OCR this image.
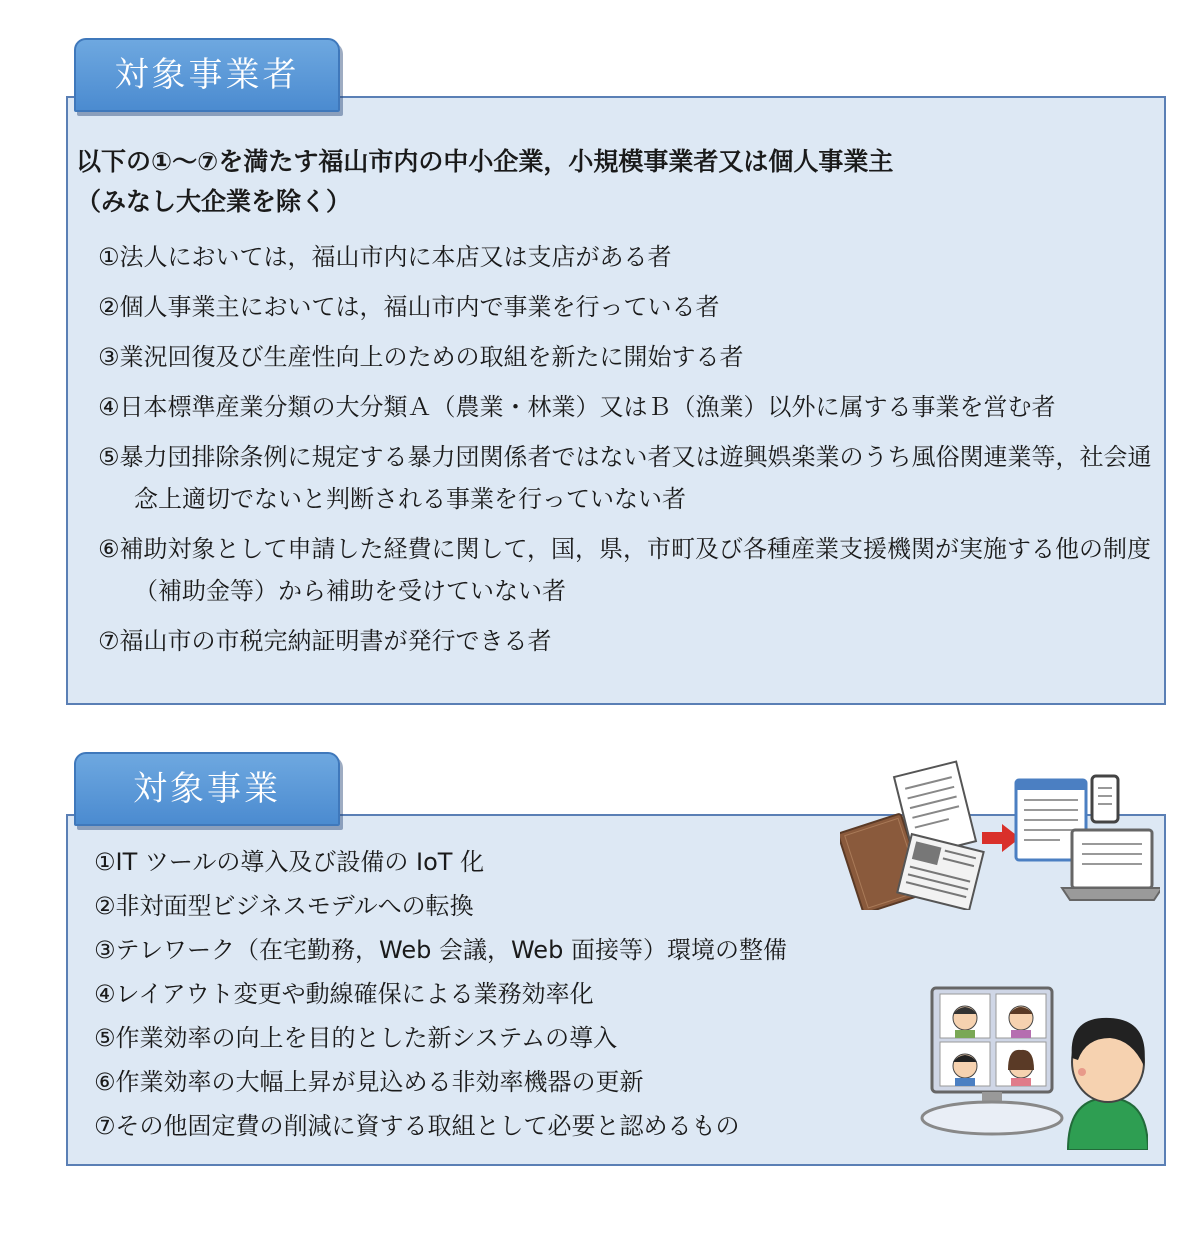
対象事業者

以下の①～⑦を満たす福山市内の中小企業，小規模事業者又は個人事業主
（みなし大企業を除く）

①法人においては，福山市内に本店又は支店がある者
②個人事業主においては，福山市内で事業を行っている者
③業況回復及び生産性向上のための取組を新たに開始する者
④日本標準産業分類の大分類Ａ（農業・林業）又はＢ（漁業）以外に属する事業を営む者
⑤暴力団排除条例に規定する暴力団関係者ではない者又は遊興娯楽業のうち風俗関連業等，社会通念上適切でないと判断される事業を行っていない者
⑥補助対象として申請した経費に関して，国，県，市町及び各種産業支援機関が実施する他の制度（補助金等）から補助を受けていない者
⑦福山市の市税完納証明書が発行できる者
対象事業
①IT ツールの導入及び設備の IoT 化
②非対面型ビジネスモデルへの転換
③テレワーク（在宅勤務，Web 会議，Web 面接等）環境の整備
④レイアウト変更や動線確保による業務効率化
⑤作業効率の向上を目的とした新システムの導入
⑥作業効率の大幅上昇が見込める非効率機器の更新
⑦その他固定費の削減に資する取組として必要と認めるもの
